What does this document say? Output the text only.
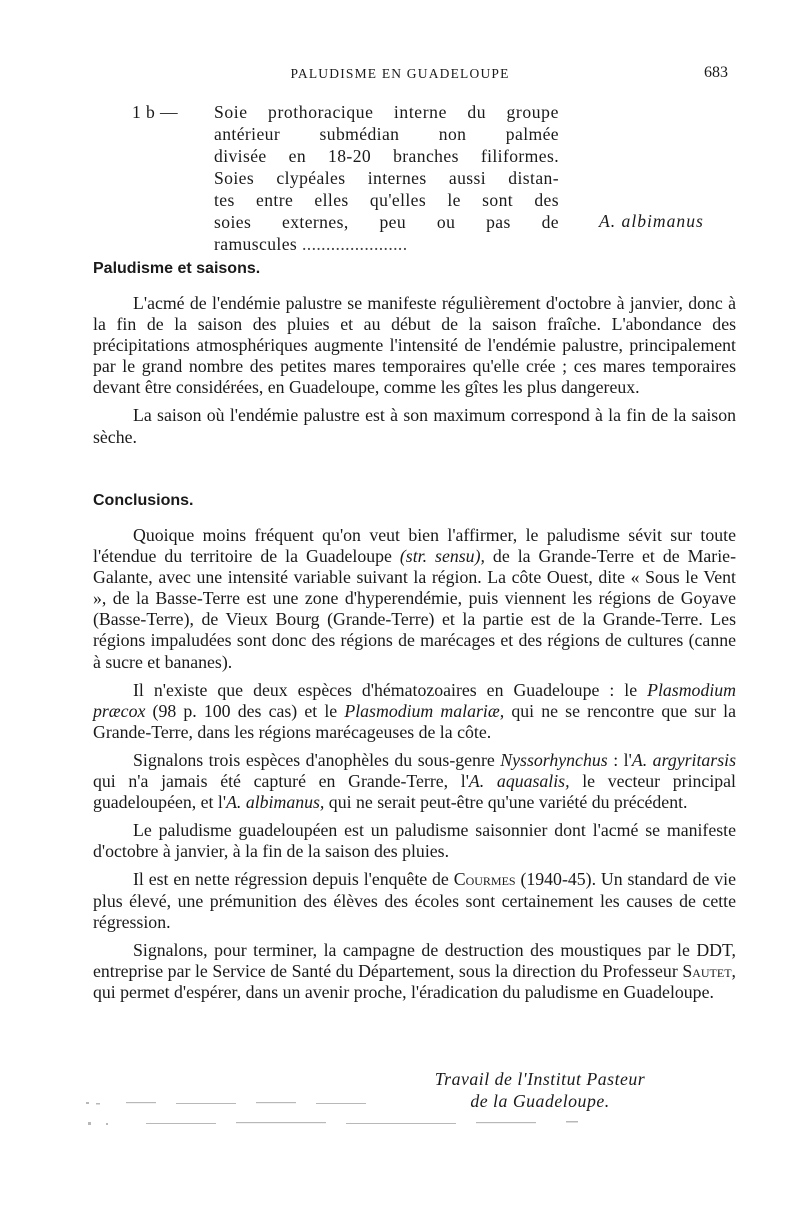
PALUDISME EN GUADELOUPE	683
1 b — Soie prothoracique interne du groupe
antérieur submédian non palmée
divisée en 18-20 branches filiformes.
Soies clypéales internes aussi distan-
tes entre elles qu'elles le sont des
soies externes, peu ou pas de
ramuscules ......................
A. albimanus
Paludisme et saisons.

L'acmé de l'endémie palustre se manifeste régulièrement d'octobre à janvier, donc à la fin de la saison des pluies et au début de la saison fraîche. L'abondance des précipitations atmosphériques augmente l'intensité de l'endémie palustre, principalement par le grand nombre des petites mares temporaires qu'elle crée ; ces mares temporaires devant être considérées, en Guadeloupe, comme les gîtes les plus dangereux.

La saison où l'endémie palustre est à son maximum correspond à la fin de la saison sèche.

Conclusions.

Quoique moins fréquent qu'on veut bien l'affirmer, le paludisme sévit sur toute l'étendue du territoire de la Guadeloupe (str. sensu), de la Grande-Terre et de Marie-Galante, avec une intensité variable suivant la région. La côte Ouest, dite « Sous le Vent », de la Basse-Terre est une zone d'hyperendémie, puis viennent les régions de Goyave (Basse-Terre), de Vieux Bourg (Grande-Terre) et la partie est de la Grande-Terre. Les régions impaludées sont donc des régions de marécages et des régions de cultures (canne à sucre et bananes).

Il n'existe que deux espèces d'hématozoaires en Guadeloupe : le Plasmodium præcox (98 p. 100 des cas) et le Plasmodium malariæ, qui ne se rencontre que sur la Grande-Terre, dans les régions marécageuses de la côte.

Signalons trois espèces d'anophèles du sous-genre Nyssorhynchus : l'A. argyritarsis qui n'a jamais été capturé en Grande-Terre, l'A. aquasalis, le vecteur principal guadeloupéen, et l'A. albimanus, qui ne serait peut-être qu'une variété du précédent.

Le paludisme guadeloupéen est un paludisme saisonnier dont l'acmé se manifeste d'octobre à janvier, à la fin de la saison des pluies.

Il est en nette régression depuis l'enquête de Courmes (1940-45). Un standard de vie plus élevé, une prémunition des élèves des écoles sont certainement les causes de cette régression.

Signalons, pour terminer, la campagne de destruction des moustiques par le DDT, entreprise par le Service de Santé du Département, sous la direction du Professeur Sautet, qui permet d'espérer, dans un avenir proche, l'éradication du paludisme en Guadeloupe.

Travail de l'Institut Pasteur
de la Guadeloupe.
